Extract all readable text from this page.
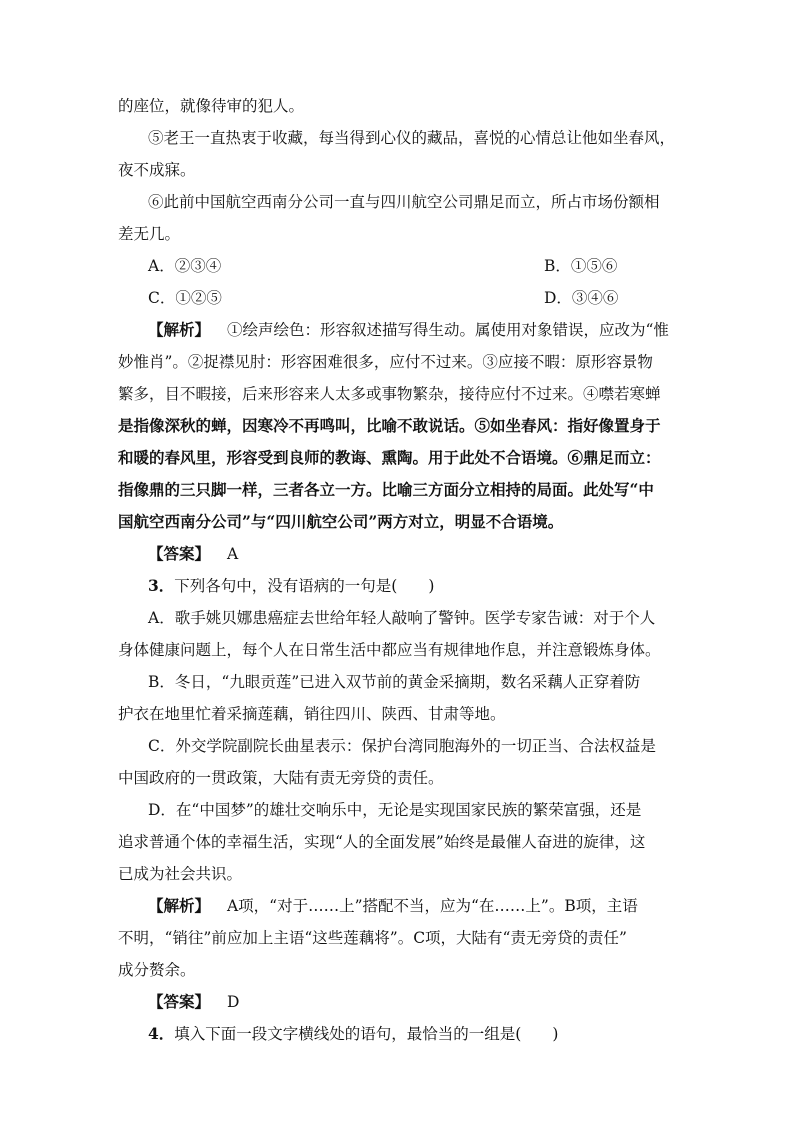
的座位，就像待审的犯人。
⑤老王一直热衷于收藏，每当得到心仪的藏品，喜悦的心情总让他如坐春风，
夜不成寐。
⑥此前中国航空西南分公司一直与四川航空公司鼎足而立，所占市场份额相
差无几。
A．②③④	B．①⑤⑥
C．①②⑤	D．③④⑥
【解析】 ①绘声绘色：形容叙述描写得生动。属使用对象错误，应改为“惟
妙惟肖”。②捉襟见肘：形容困难很多，应付不过来。③应接不暇：原形容景物
繁多，目不暇接，后来形容来人太多或事物繁杂，接待应付不过来。④噤若寒蝉
是指像深秋的蝉，因寒冷不再鸣叫，比喻不敢说话。⑤如坐春风：指好像置身于
和暖的春风里，形容受到良师的教诲、熏陶。用于此处不合语境。⑥鼎足而立：
指像鼎的三只脚一样，三者各立一方。比喻三方面分立相持的局面。此处写“中
国航空西南分公司”与“四川航空公司”两方对立，明显不合语境。
【答案】 A
3．下列各句中，没有语病的一句是(　　)
A．歌手姚贝娜患癌症去世给年轻人敲响了警钟。医学专家告诫：对于个人
身体健康问题上，每个人在日常生活中都应当有规律地作息，并注意锻炼身体。
B．冬日，“九眼贡莲”已进入双节前的黄金采摘期，数名采藕人正穿着防
护衣在地里忙着采摘莲藕，销往四川、陕西、甘肃等地。
C．外交学院副院长曲星表示：保护台湾同胞海外的一切正当、合法权益是
中国政府的一贯政策，大陆有责无旁贷的责任。
D．在“中国梦”的雄壮交响乐中，无论是实现国家民族的繁荣富强，还是
追求普通个体的幸福生活，实现“人的全面发展”始终是最催人奋进的旋律，这
已成为社会共识。
【解析】 A项，“对于……上”搭配不当，应为“在……上”。B项，主语
不明，“销往”前应加上主语“这些莲藕将”。C项，大陆有“责无旁贷的责任”
成分赘余。
【答案】 D
4．填入下面一段文字横线处的语句，最恰当的一组是(　　)
